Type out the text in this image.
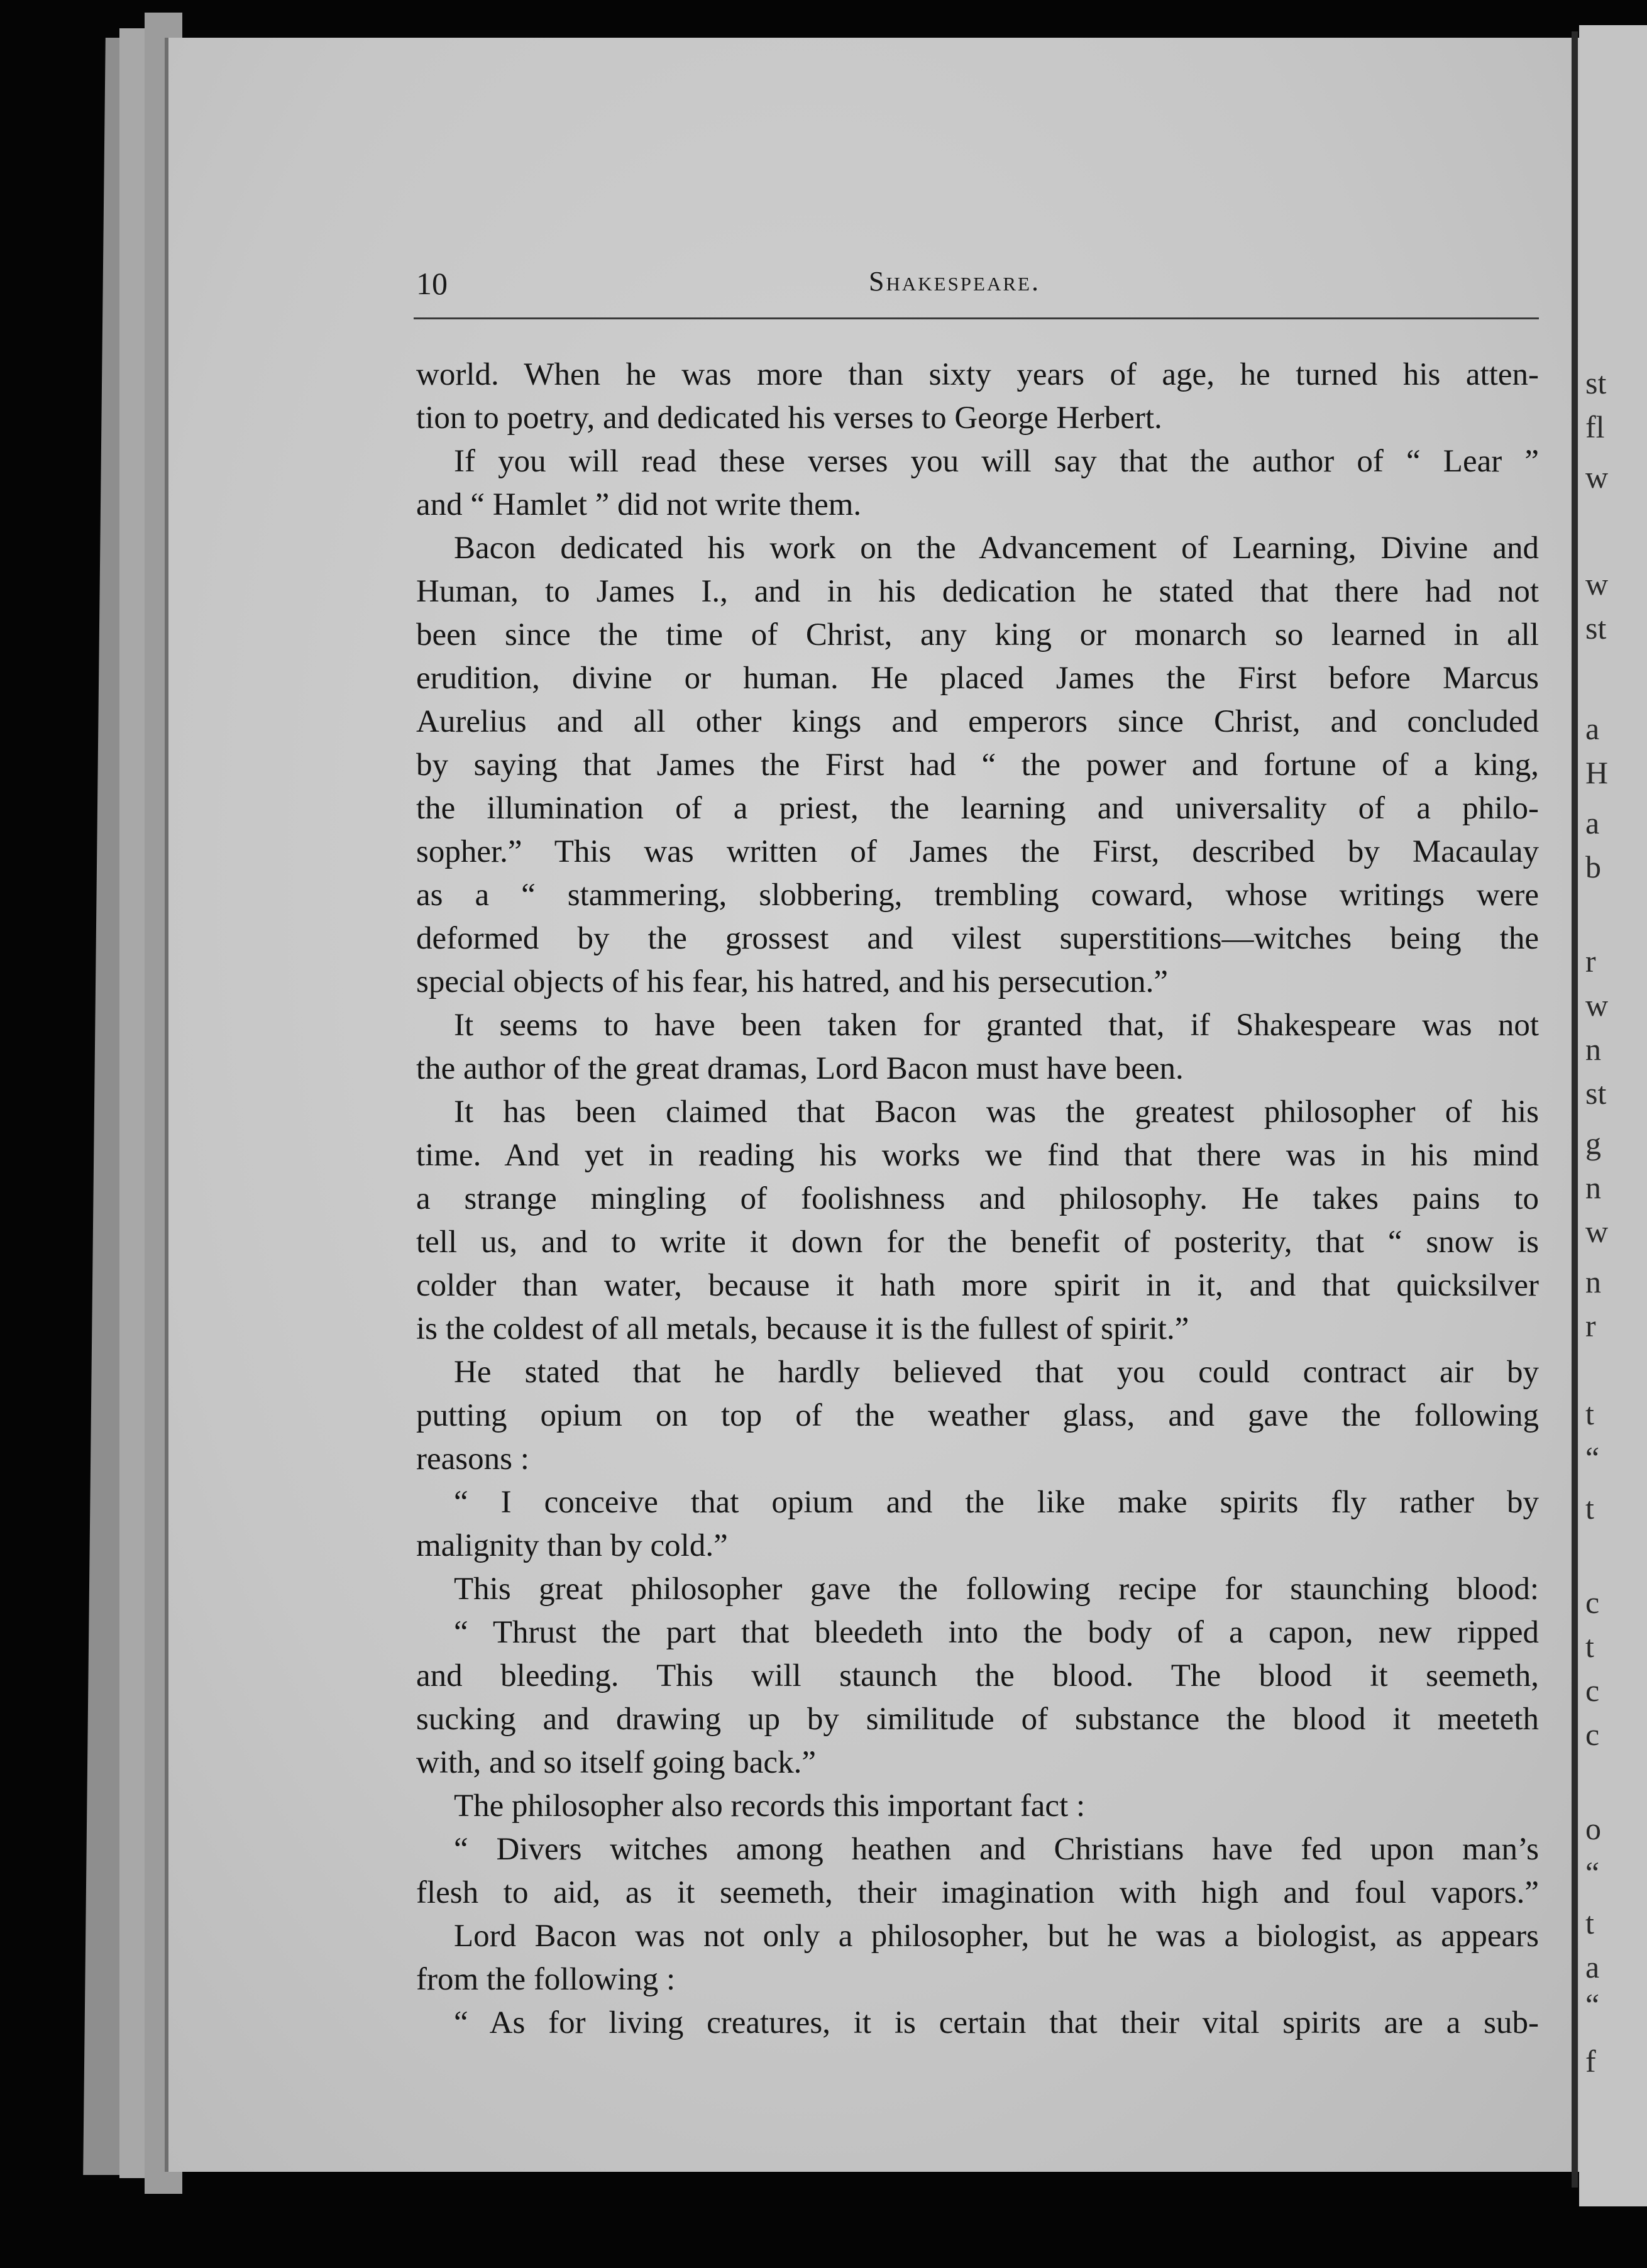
st
fl
w
w
st
a
H
a
b
r
w
n
st
g
n
w
n
r
t
“
t
c
t
c
c
o
“
t
a
“
f
10	Shakespeare.
world. When he was more than sixty years of age, he turned his atten-
tion to poetry, and dedicated his verses to George Herbert.
If you will read these verses you will say that the author of “ Lear ”
and “ Hamlet ” did not write them.
Bacon dedicated his work on the Advancement of Learning, Divine and
Human, to James I., and in his dedication he stated that there had not
been since the time of Christ, any king or monarch so learned in all
erudition, divine or human. He placed James the First before Marcus
Aurelius and all other kings and emperors since Christ, and concluded
by saying that James the First had “ the power and fortune of a king,
the illumination of a priest, the learning and universality of a philo-
sopher.” This was written of James the First, described by Macaulay
as a “ stammering, slobbering, trembling coward, whose writings were
deformed by the grossest and vilest superstitions—witches being the
special objects of his fear, his hatred, and his persecution.”
It seems to have been taken for granted that, if Shakespeare was not
the author of the great dramas, Lord Bacon must have been.
It has been claimed that Bacon was the greatest philosopher of his
time. And yet in reading his works we find that there was in his mind
a strange mingling of foolishness and philosophy. He takes pains to
tell us, and to write it down for the benefit of posterity, that “ snow is
colder than water, because it hath more spirit in it, and that quicksilver
is the coldest of all metals, because it is the fullest of spirit.”
He stated that he hardly believed that you could contract air by
putting opium on top of the weather glass, and gave the following
reasons :
“ I conceive that opium and the like make spirits fly rather by
malignity than by cold.”
This great philosopher gave the following recipe for staunching blood:
“ Thrust the part that bleedeth into the body of a capon, new ripped
and bleeding. This will staunch the blood. The blood it seemeth,
sucking and drawing up by similitude of substance the blood it meeteth
with, and so itself going back.”
The philosopher also records this important fact :
“ Divers witches among heathen and Christians have fed upon man’s
flesh to aid, as it seemeth, their imagination with high and foul vapors.”
Lord Bacon was not only a philosopher, but he was a biologist, as appears
from the following :
“ As for living creatures, it is certain that their vital spirits are a sub-
